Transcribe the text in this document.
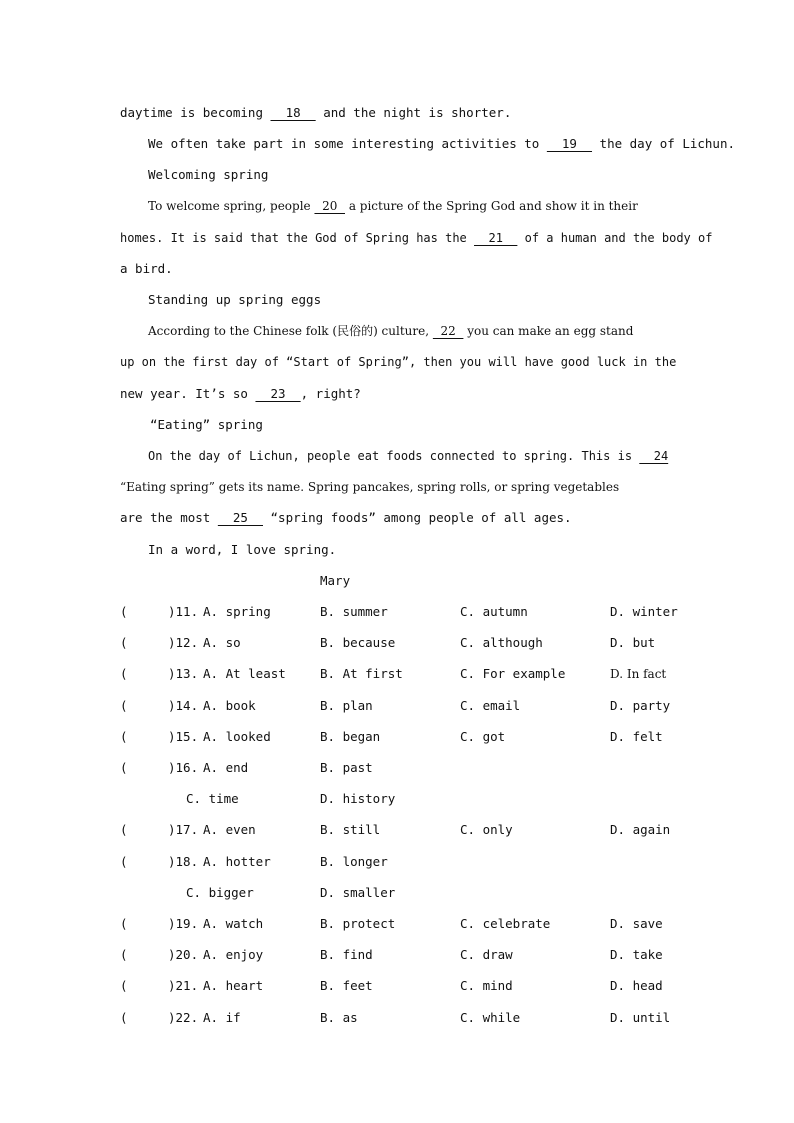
daytime is becoming   18   and the night is shorter.
We often take part in some interesting activities to   19   the day of Lichun.
Welcoming spring
To welcome spring, people   20   a picture of the Spring God and show it in their
homes. It is said that the God of Spring has the   21   of a human and the body of
a bird.
Standing up spring eggs
According to the Chinese folk (民俗的) culture,   22   you can make an egg stand
up on the first day of “Start of Spring”, then you will have good luck in the
new year. It’s so   23  , right?
“Eating” spring
On the day of Lichun, people eat foods connected to spring. This is   24
“Eating spring” gets its name. Spring pancakes, spring rolls, or spring vegetables
are the most   25   “spring foods” among people of all ages.
In a word, I love spring.
Mary
(	)11. A. spring	B. summer	C. autumn	D. winter
(	)12. A. so	B. because	C. although	D. but
(	)13. A. At least	B. At first	C. For example	D. In fact
(	)14. A. book	B. plan	C. email	D. party
(	)15. A. looked	B. began	C. got	D. felt
(	)16. A. end	B. past
C. time	D. history
(	)17. A. even	B. still	C. only	D. again
(	)18. A. hotter	B. longer
C. bigger	D. smaller
(	)19. A. watch	B. protect	C. celebrate	D. save
(	)20. A. enjoy	B. find	C. draw	D. take
(	)21. A. heart	B. feet	C. mind	D. head
(	)22. A. if	B. as	C. while	D. until
